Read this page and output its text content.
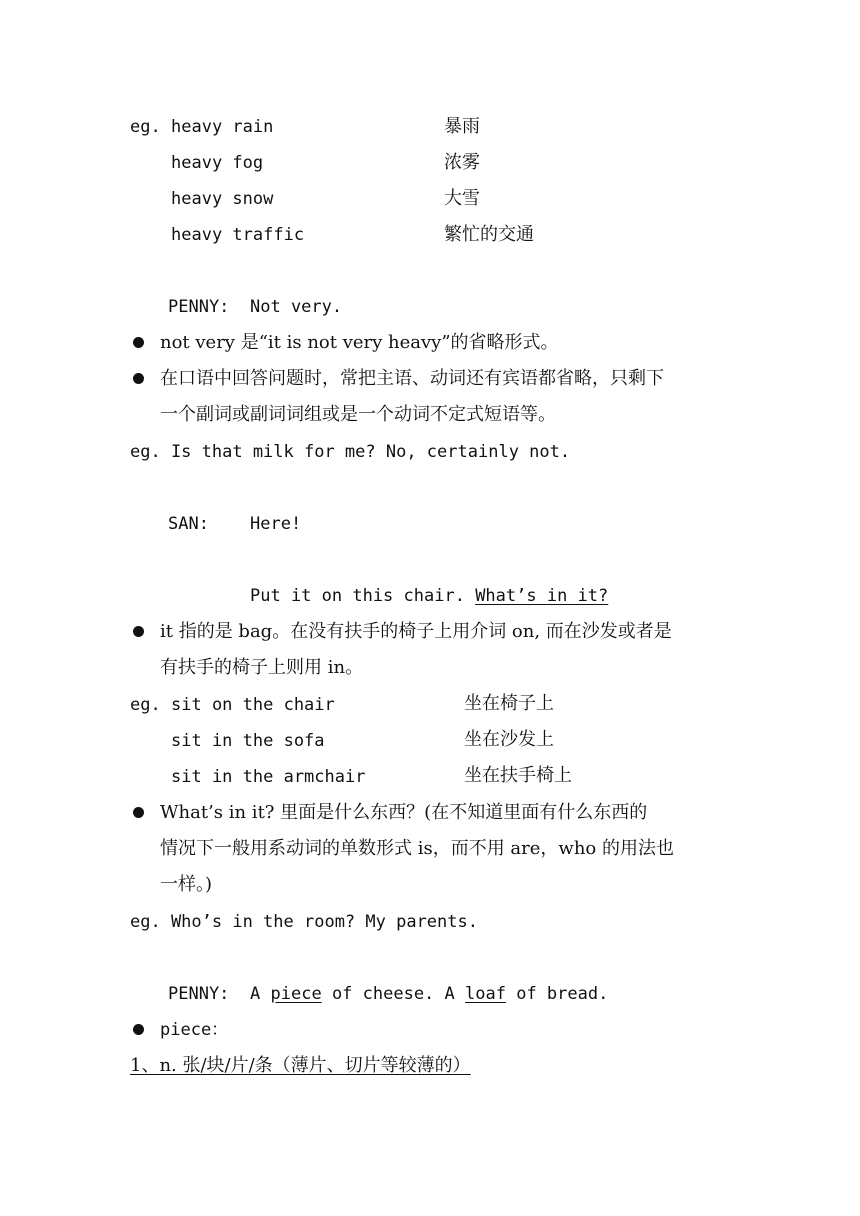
eg. heavy rain	暴雨
heavy fog	浓雾
heavy snow	大雪
heavy traffic	繁忙的交通
PENNY: Not very.
not very 是“it is not very heavy”的省略形式。
在口语中回答问题时，常把主语、动词还有宾语都省略，只剩下
一个副词或副词词组或是一个动词不定式短语等。
eg. Is that milk for me? No, certainly not.
SAN: Here!
Put it on this chair. What’s in it?
it 指的是 bag。在没有扶手的椅子上用介词 on, 而在沙发或者是
有扶手的椅子上则用 in。
eg. sit on the chair	坐在椅子上
sit in the sofa	坐在沙发上
sit in the armchair	坐在扶手椅上
What’s in it? 里面是什么东西？(在不知道里面有什么东西的
情况下一般用系动词的单数形式 is，而不用 are，who 的用法也
一样。)
eg. Who’s in the room? My parents.
PENNY: A piece of cheese. A loaf of bread.
piece：
1、n. 张/块/片/条（薄片、切片等较薄的）
